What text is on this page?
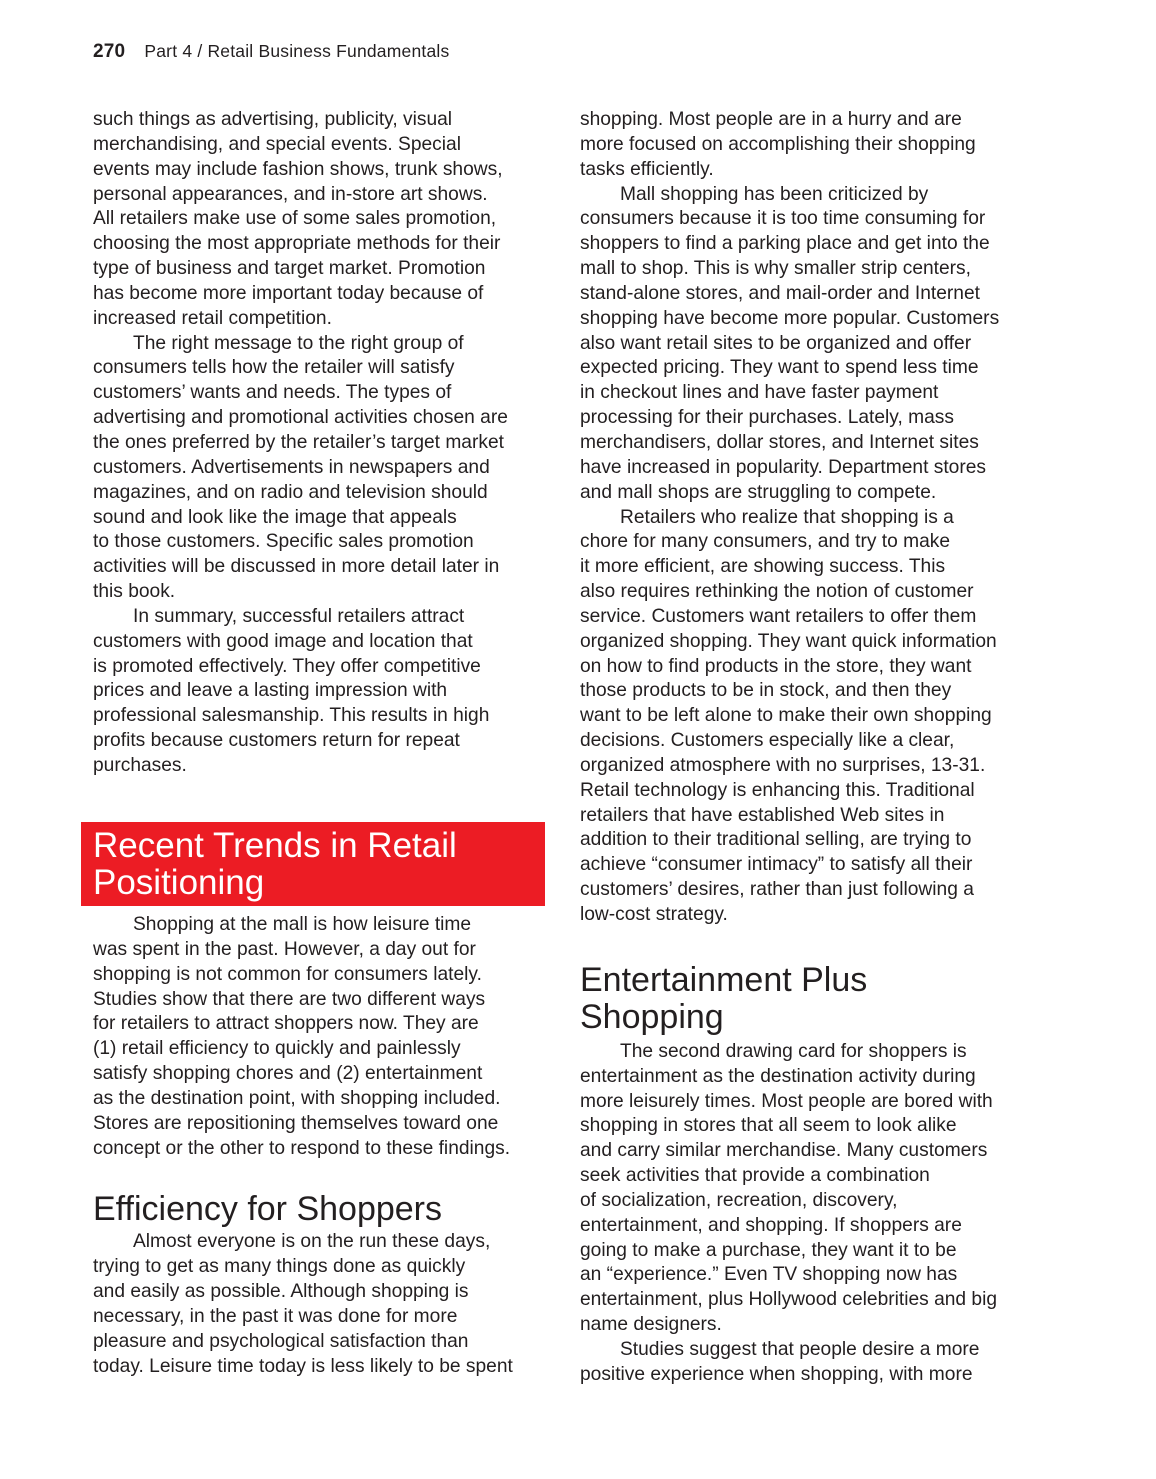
270 Part 4 / Retail Business Fundamentals
such things as advertising, publicity, visual
merchandising, and special events. Special
events may include fashion shows, trunk shows,
personal appearances, and in-store art shows.
All retailers make use of some sales promotion,
choosing the most appropriate methods for their
type of business and target market. Promotion
has become more important today because of
increased retail competition.
The right message to the right group of
consumers tells how the retailer will satisfy
customers’ wants and needs. The types of
advertising and promotional activities chosen are
the ones preferred by the retailer’s target market
customers. Advertisements in newspapers and
magazines, and on radio and television should
sound and look like the image that appeals
to those customers. Specific sales promotion
activities will be discussed in more detail later in
this book.
In summary, successful retailers attract
customers with good image and location that
is promoted effectively. They offer competitive
prices and leave a lasting impression with
professional salesmanship. This results in high
profits because customers return for repeat
purchases.
Recent Trends in Retail
Positioning
Shopping at the mall is how leisure time
was spent in the past. However, a day out for
shopping is not common for consumers lately.
Studies show that there are two different ways
for retailers to attract shoppers now. They are
(1) retail efficiency to quickly and painlessly
satisfy shopping chores and (2) entertainment
as the destination point, with shopping included.
Stores are repositioning themselves toward one
concept or the other to respond to these findings.
Efficiency for Shoppers
Almost everyone is on the run these days,
trying to get as many things done as quickly
and easily as possible. Although shopping is
necessary, in the past it was done for more
pleasure and psychological satisfaction than
today. Leisure time today is less likely to be spent
shopping. Most people are in a hurry and are
more focused on accomplishing their shopping
tasks efficiently.
Mall shopping has been criticized by
consumers because it is too time consuming for
shoppers to find a parking place and get into the
mall to shop. This is why smaller strip centers,
stand-alone stores, and mail-order and Internet
shopping have become more popular. Customers
also want retail sites to be organized and offer
expected pricing. They want to spend less time
in checkout lines and have faster payment
processing for their purchases. Lately, mass
merchandisers, dollar stores, and Internet sites
have increased in popularity. Department stores
and mall shops are struggling to compete.
Retailers who realize that shopping is a
chore for many consumers, and try to make
it more efficient, are showing success. This
also requires rethinking the notion of customer
service. Customers want retailers to offer them
organized shopping. They want quick information
on how to find products in the store, they want
those products to be in stock, and then they
want to be left alone to make their own shopping
decisions. Customers especially like a clear,
organized atmosphere with no surprises, 13-31.
Retail technology is enhancing this. Traditional
retailers that have established Web sites in
addition to their traditional selling, are trying to
achieve “consumer intimacy” to satisfy all their
customers’ desires, rather than just following a
low-cost strategy.
Entertainment Plus
Shopping
The second drawing card for shoppers is
entertainment as the destination activity during
more leisurely times. Most people are bored with
shopping in stores that all seem to look alike
and carry similar merchandise. Many customers
seek activities that provide a combination
of socialization, recreation, discovery,
entertainment, and shopping. If shoppers are
going to make a purchase, they want it to be
an “experience.” Even TV shopping now has
entertainment, plus Hollywood celebrities and big
name designers.
Studies suggest that people desire a more
positive experience when shopping, with more
